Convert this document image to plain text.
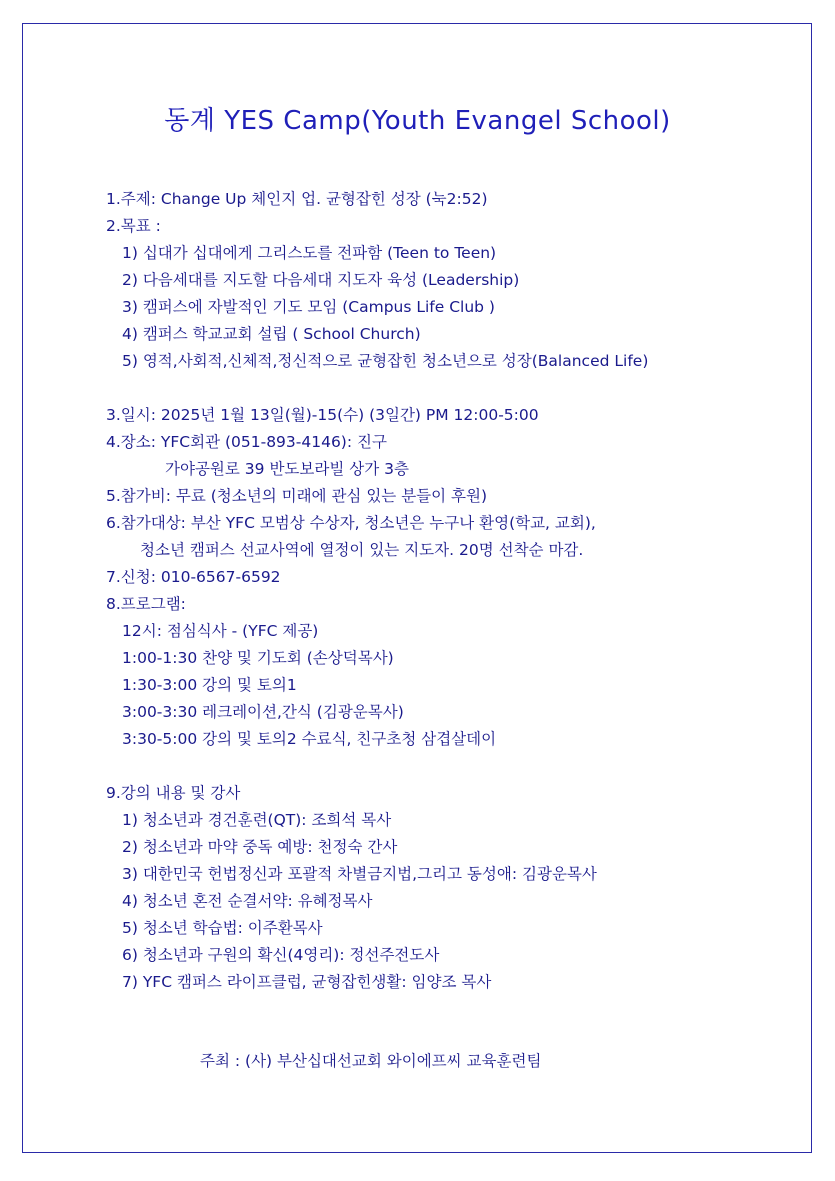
동계 YES Camp(Youth Evangel School)
1.주제: Change Up 체인지 업. 균형잡힌 성장 (눅2:52)
2.목표 :
1) 십대가 십대에게 그리스도를 전파함 (Teen to Teen)
2) 다음세대를 지도할 다음세대 지도자 육성 (Leadership)
3) 캠퍼스에 자발적인 기도 모임 (Campus Life Club )
4) 캠퍼스 학교교회 설립 ( School Church)
5) 영적,사회적,신체적,정신적으로 균형잡힌 청소년으로 성장(Balanced Life)
3.일시: 2025년 1월 13일(월)-15(수) (3일간) PM 12:00-5:00
4.장소: YFC회관 (051-893-4146): 진구
가야공원로 39 반도보라빌 상가 3층
5.참가비: 무료 (청소년의 미래에 관심 있는 분들이 후원)
6.참가대상: 부산 YFC 모범상 수상자, 청소년은 누구나 환영(학교, 교회),
청소년 캠퍼스 선교사역에 열정이 있는 지도자. 20명 선착순 마감.
7.신청: 010-6567-6592
8.프로그램:
12시: 점심식사 - (YFC 제공)
1:00-1:30 찬양 및 기도회 (손상덕목사)
1:30-3:00 강의 및 토의1
3:00-3:30 레크레이션,간식 (김광운목사)
3:30-5:00 강의 및 토의2 수료식, 친구초청 삼겹살데이
9.강의 내용 및 강사
1) 청소년과 경건훈련(QT): 조희석 목사
2) 청소년과 마약 중독 예방: 천정숙 간사
3) 대한민국 헌법정신과 포괄적 차별금지법,그리고 동성애: 김광운목사
4) 청소년 혼전 순결서약: 유혜정목사
5) 청소년 학습법: 이주환목사
6) 청소년과 구원의 확신(4영리): 정선주전도사
7) YFC 캠퍼스 라이프클럽, 균형잡힌생활: 임양조 목사
주최 : (사) 부산십대선교회 와이에프씨 교육훈련팀
